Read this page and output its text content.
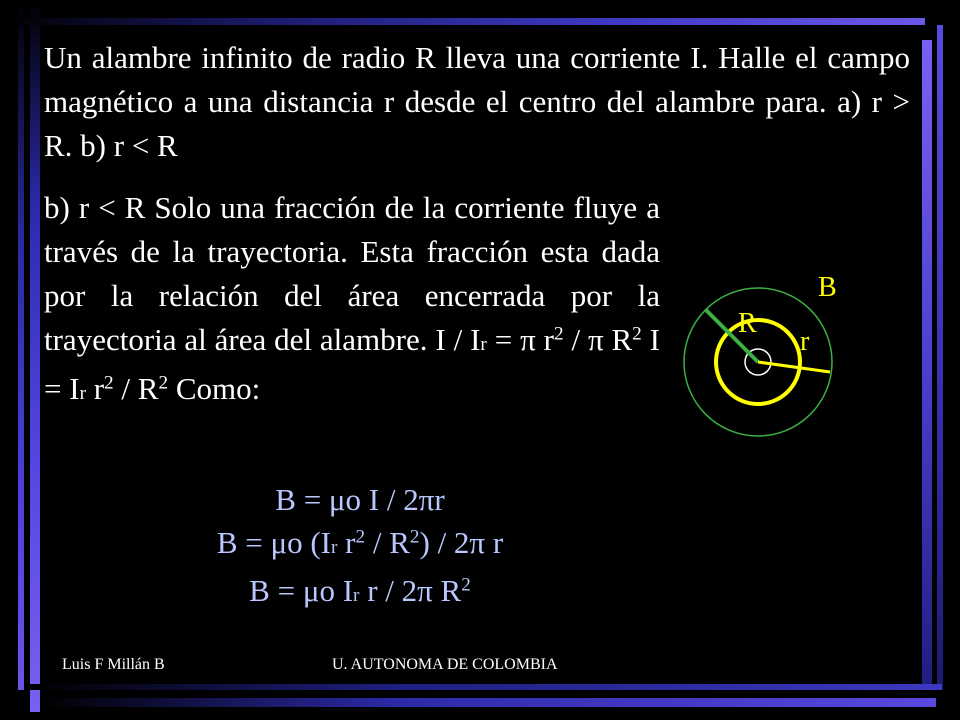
Un alambre infinito de radio R lleva una corriente I. Halle el campo magnético a una distancia r desde el centro del alambre para. a) r > R. b) r < R
b) r < R Solo una fracción de la corriente fluye a través de la trayectoria. Esta fracción esta dada por la relación del área encerrada por la trayectoria al área del alambre. I / Ir = π $r^2$ / π $R^2$ I = Ir $r^2 / R^2$ Como:
B
R
r
B = μo I / 2πr
B = μo (Ir $r^2 / R^2) / 2\pi$ r
B = μo Ir r / 2π $R^2$
Luis F Millán B	U. AUTONOMA DE COLOMBIA
